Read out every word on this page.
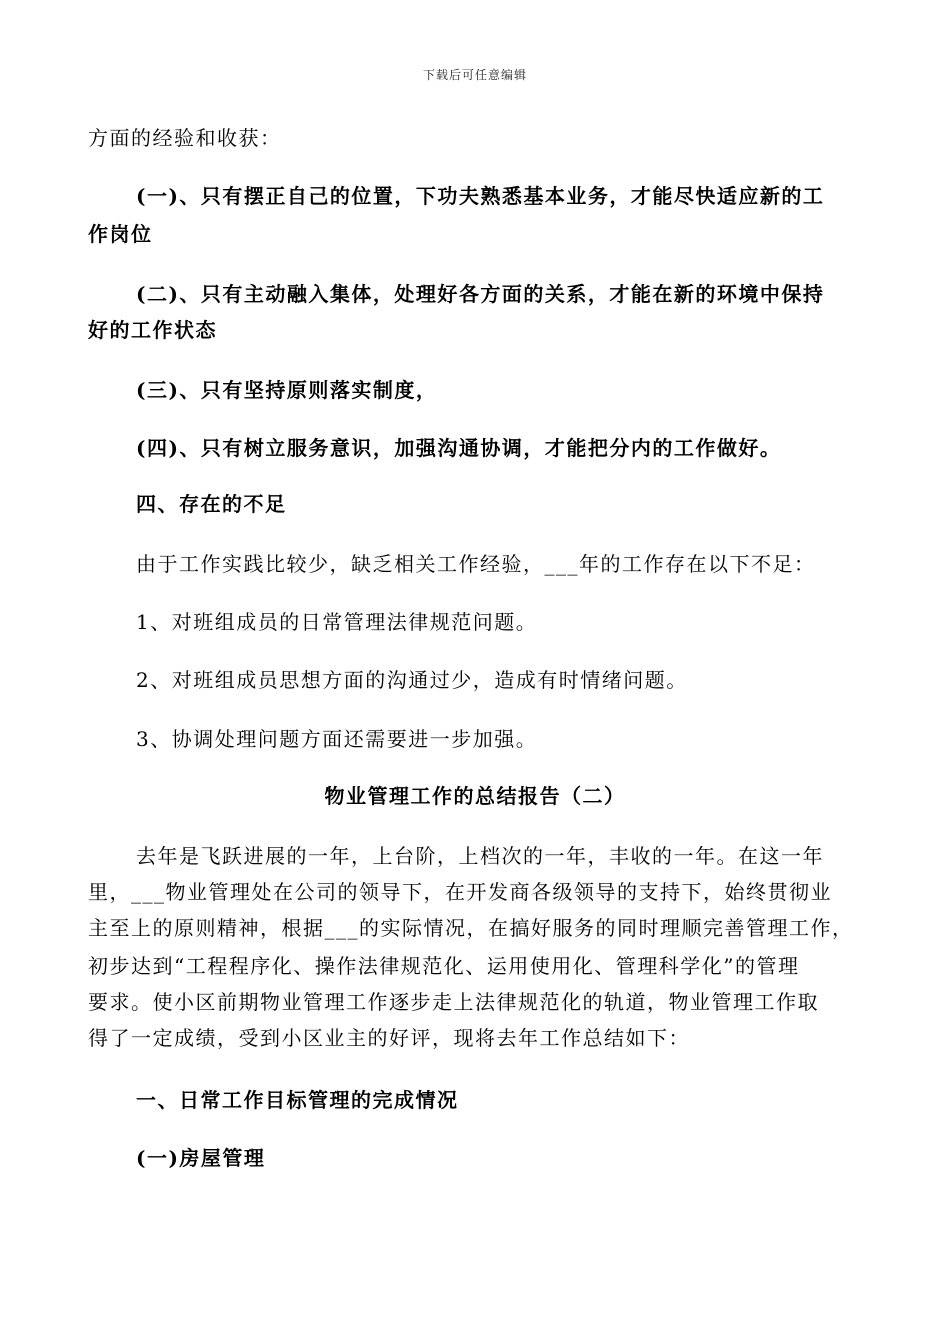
下载后可任意编辑
方面的经验和收获：
(一)、只有摆正自己的位置，下功夫熟悉基本业务，才能尽快适应新的工
作岗位
(二)、只有主动融入集体，处理好各方面的关系，才能在新的环境中保持
好的工作状态
(三)、只有坚持原则落实制度，
(四)、只有树立服务意识，加强沟通协调，才能把分内的工作做好。
四、存在的不足
由于工作实践比较少，缺乏相关工作经验，___年的工作存在以下不足：
1、对班组成员的日常管理法律规范问题。
2、对班组成员思想方面的沟通过少，造成有时情绪问题。
3、协调处理问题方面还需要进一步加强。
物业管理工作的总结报告（二）
去年是飞跃进展的一年，上台阶，上档次的一年，丰收的一年。在这一年
里，___物业管理处在公司的领导下，在开发商各级领导的支持下，始终贯彻业
主至上的原则精神，根据___的实际情况，在搞好服务的同时理顺完善管理工作，
初步达到“工程程序化、操作法律规范化、运用使用化、管理科学化”的管理
要求。使小区前期物业管理工作逐步走上法律规范化的轨道，物业管理工作取
得了一定成绩，受到小区业主的好评，现将去年工作总结如下：
一、日常工作目标管理的完成情况
(一)房屋管理
